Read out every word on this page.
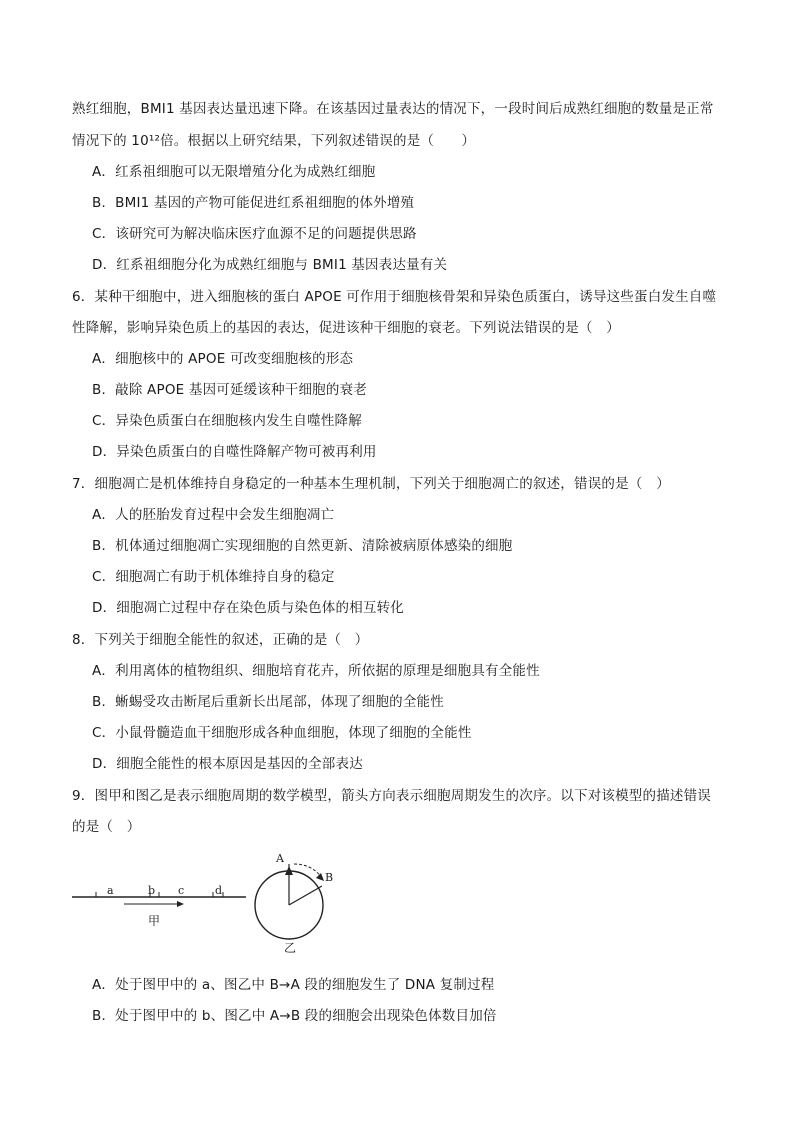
熟红细胞，BMI1 基因表达量迅速下降。在该基因过量表达的情况下，一段时间后成熟红细胞的数量是正常
情况下的 10¹²倍。根据以上研究结果，下列叙述错误的是（　　）
A．红系祖细胞可以无限增殖分化为成熟红细胞
B．BMI1 基因的产物可能促进红系祖细胞的体外增殖
C．该研究可为解决临床医疗血源不足的问题提供思路
D．红系祖细胞分化为成熟红细胞与 BMI1 基因表达量有关
6．某种干细胞中，进入细胞核的蛋白 APOE 可作用于细胞核骨架和异染色质蛋白，诱导这些蛋白发生自噬
性降解，影响异染色质上的基因的表达，促进该种干细胞的衰老。下列说法错误的是（　）
A．细胞核中的 APOE 可改变细胞核的形态
B．敲除 APOE 基因可延缓该种干细胞的衰老
C．异染色质蛋白在细胞核内发生自噬性降解
D．异染色质蛋白的自噬性降解产物可被再利用
7．细胞凋亡是机体维持自身稳定的一种基本生理机制，下列关于细胞凋亡的叙述，错误的是（　）
A．人的胚胎发育过程中会发生细胞凋亡
B．机体通过细胞凋亡实现细胞的自然更新、清除被病原体感染的细胞
C．细胞凋亡有助于机体维持自身的稳定
D．细胞凋亡过程中存在染色质与染色体的相互转化
8．下列关于细胞全能性的叙述，正确的是（　）
A．利用离体的植物组织、细胞培育花卉，所依据的原理是细胞具有全能性
B．蜥蜴受攻击断尾后重新长出尾部，体现了细胞的全能性
C．小鼠骨髓造血干细胞形成各种血细胞，体现了细胞的全能性
D．细胞全能性的根本原因是基因的全部表达
9．图甲和图乙是表示细胞周期的数学模型，箭头方向表示细胞周期发生的次序。以下对该模型的描述错误
的是（　）
a	b c	d
甲
A
B
乙
A．处于图甲中的 a、图乙中 B→A 段的细胞发生了 DNA 复制过程
B．处于图甲中的 b、图乙中 A→B 段的细胞会出现染色体数目加倍
